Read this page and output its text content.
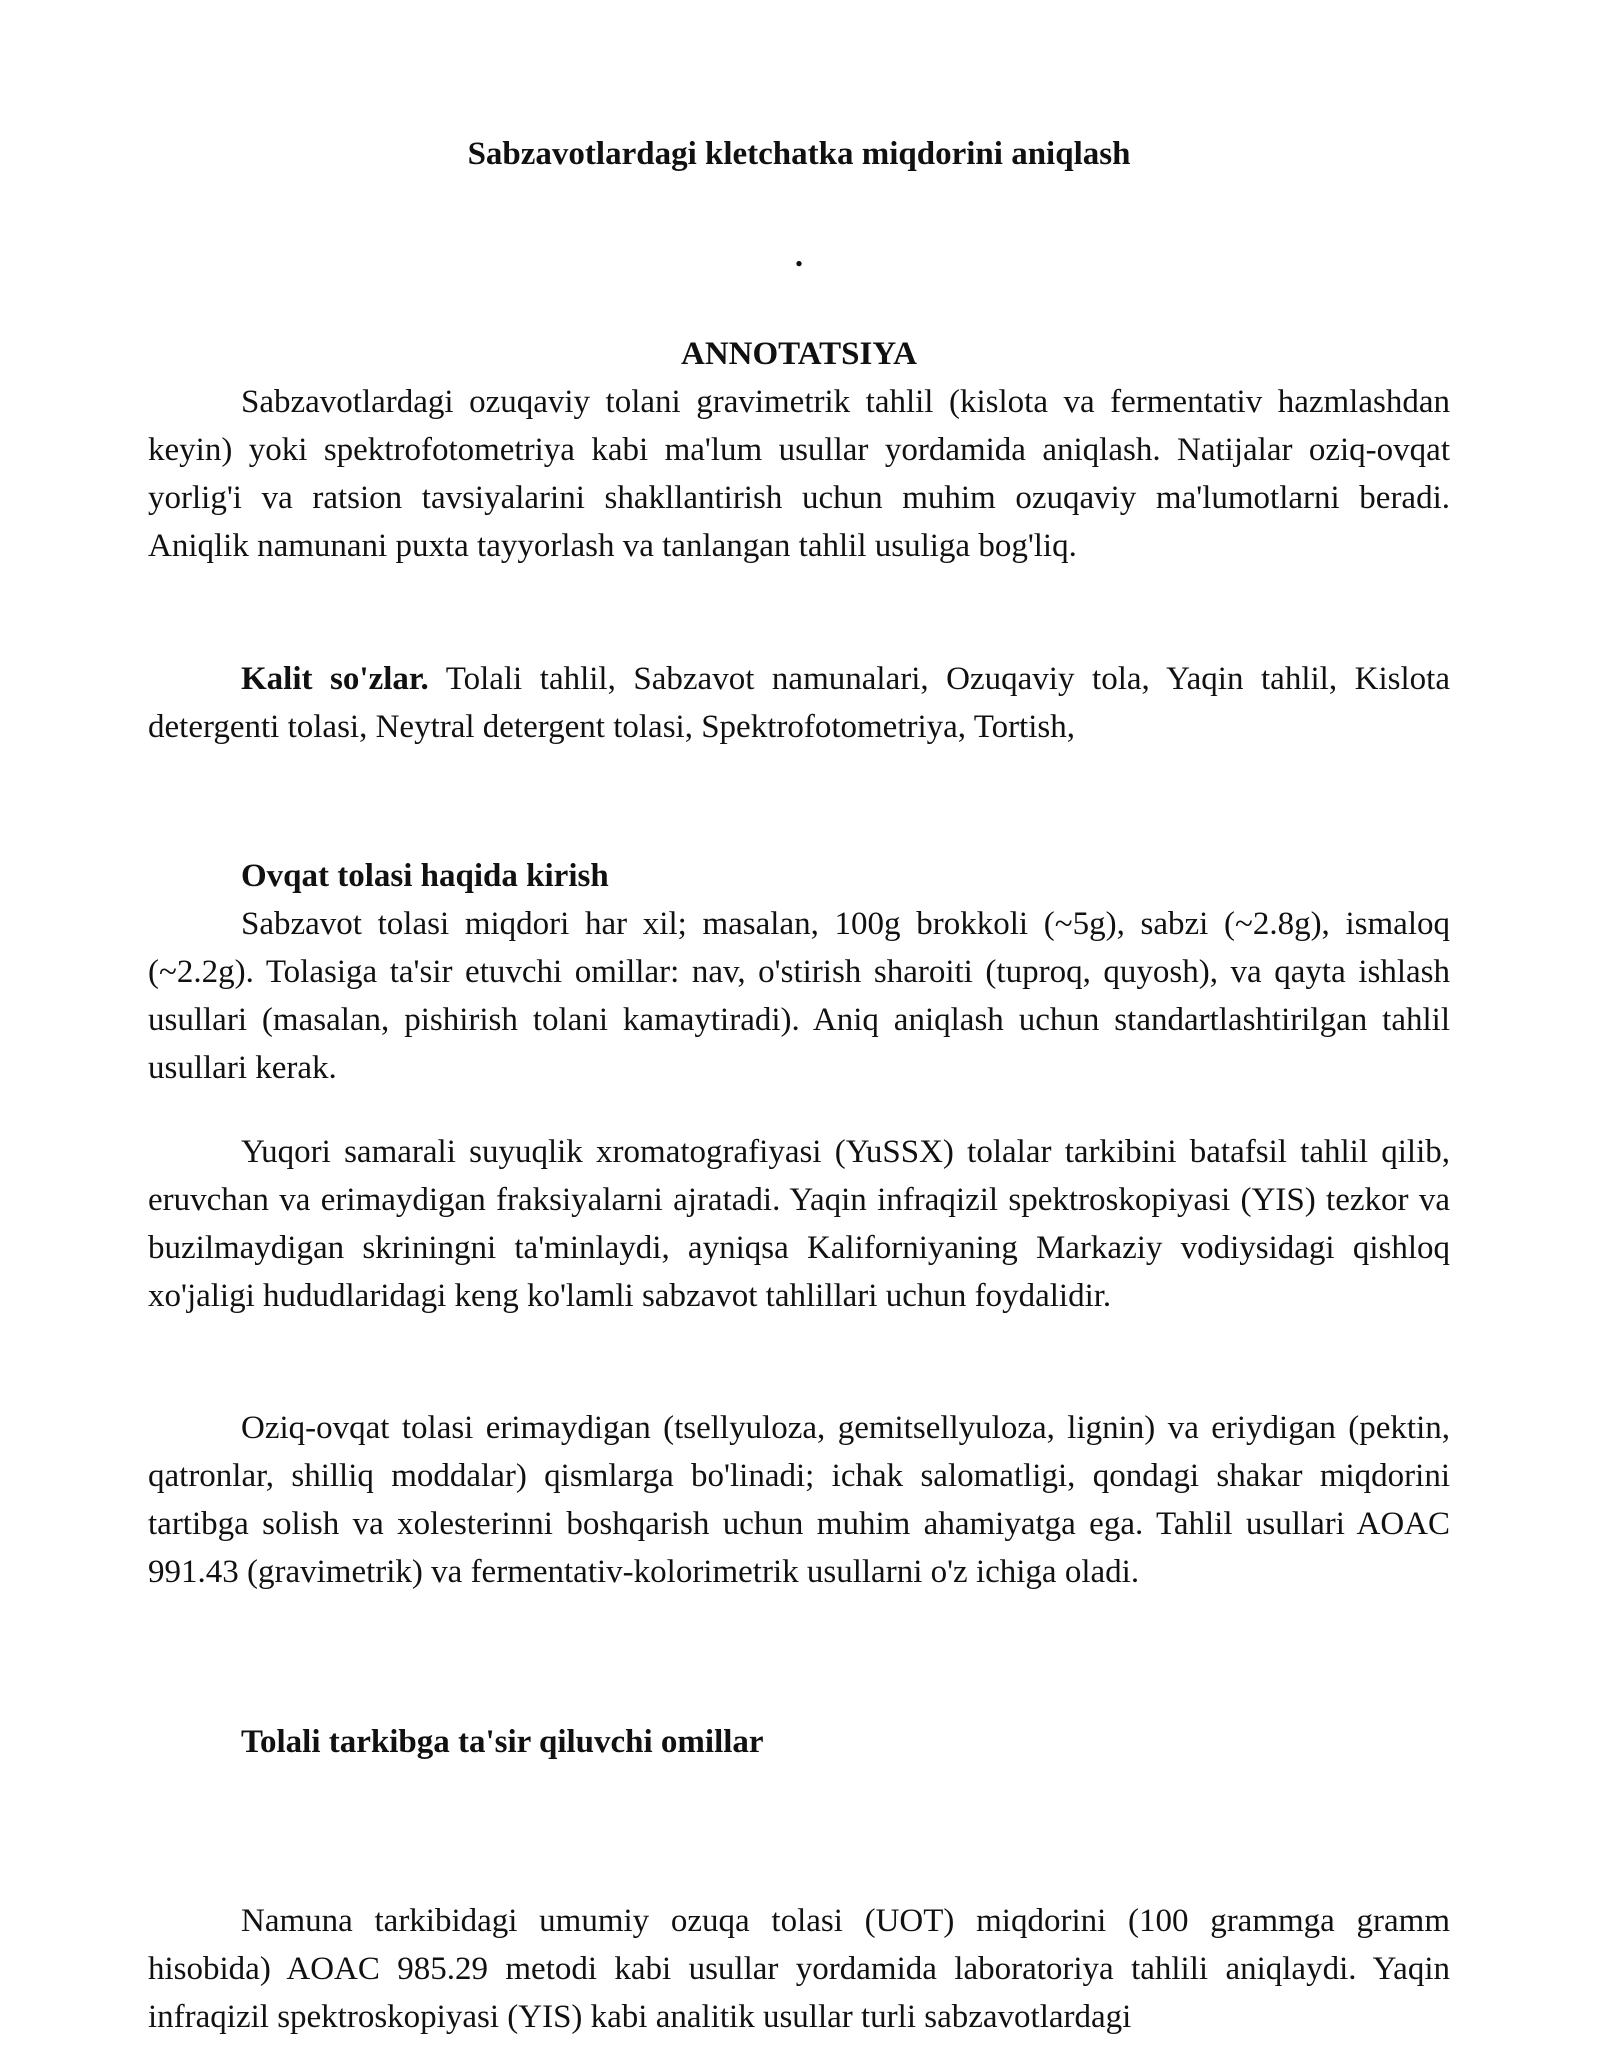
Sabzavotlardagi kletchatka miqdorini aniqlash
.
ANNOTATSIYA

Sabzavotlardagi ozuqaviy tolani gravimetrik tahlil (kislota va fermentativ hazmlashdan keyin) yoki spektrofotometriya kabi ma'lum usullar yordamida aniqlash. Natijalar oziq-ovqat yorlig'i va ratsion tavsiyalarini shakllantirish uchun muhim ozuqaviy ma'lumotlarni beradi. Aniqlik namunani puxta tayyorlash va tanlangan tahlil usuliga bog'liq.

Kalit so'zlar. Tolali tahlil, Sabzavot namunalari, Ozuqaviy tola, Yaqin tahlil, Kislota detergenti tolasi, Neytral detergent tolasi, Spektrofotometriya, Tortish,

Ovqat tolasi haqida kirish

Sabzavot tolasi miqdori har xil; masalan, 100g brokkoli (~5g), sabzi (~2.8g), ismaloq (~2.2g). Tolasiga ta'sir etuvchi omillar: nav, o'stirish sharoiti (tuproq, quyosh), va qayta ishlash usullari (masalan, pishirish tolani kamaytiradi). Aniq aniqlash uchun standartlashtirilgan tahlil usullari kerak.

Yuqori samarali suyuqlik xromatografiyasi (YuSSX) tolalar tarkibini batafsil tahlil qilib, eruvchan va erimaydigan fraksiyalarni ajratadi. Yaqin infraqizil spektroskopiyasi (YIS) tezkor va buzilmaydigan skriningni ta'minlaydi, ayniqsa Kaliforniyaning Markaziy vodiysidagi qishloq xo'jaligi hududlaridagi keng ko'lamli sabzavot tahlillari uchun foydalidir.

Oziq-ovqat tolasi erimaydigan (tsellyuloza, gemitsellyuloza, lignin) va eriydigan (pektin, qatronlar, shilliq moddalar) qismlarga bo'linadi; ichak salomatligi, qondagi shakar miqdorini tartibga solish va xolesterinni boshqarish uchun muhim ahamiyatga ega. Tahlil usullari AOAC 991.43 (gravimetrik) va fermentativ-kolorimetrik usullarni o'z ichiga oladi.

Tolali tarkibga ta'sir qiluvchi omillar

Namuna tarkibidagi umumiy ozuqa tolasi (UOT) miqdorini (100 grammga gramm hisobida) AOAC 985.29 metodi kabi usullar yordamida laboratoriya tahlili aniqlaydi. Yaqin infraqizil spektroskopiyasi (YIS) kabi analitik usullar turli sabzavotlardagi
